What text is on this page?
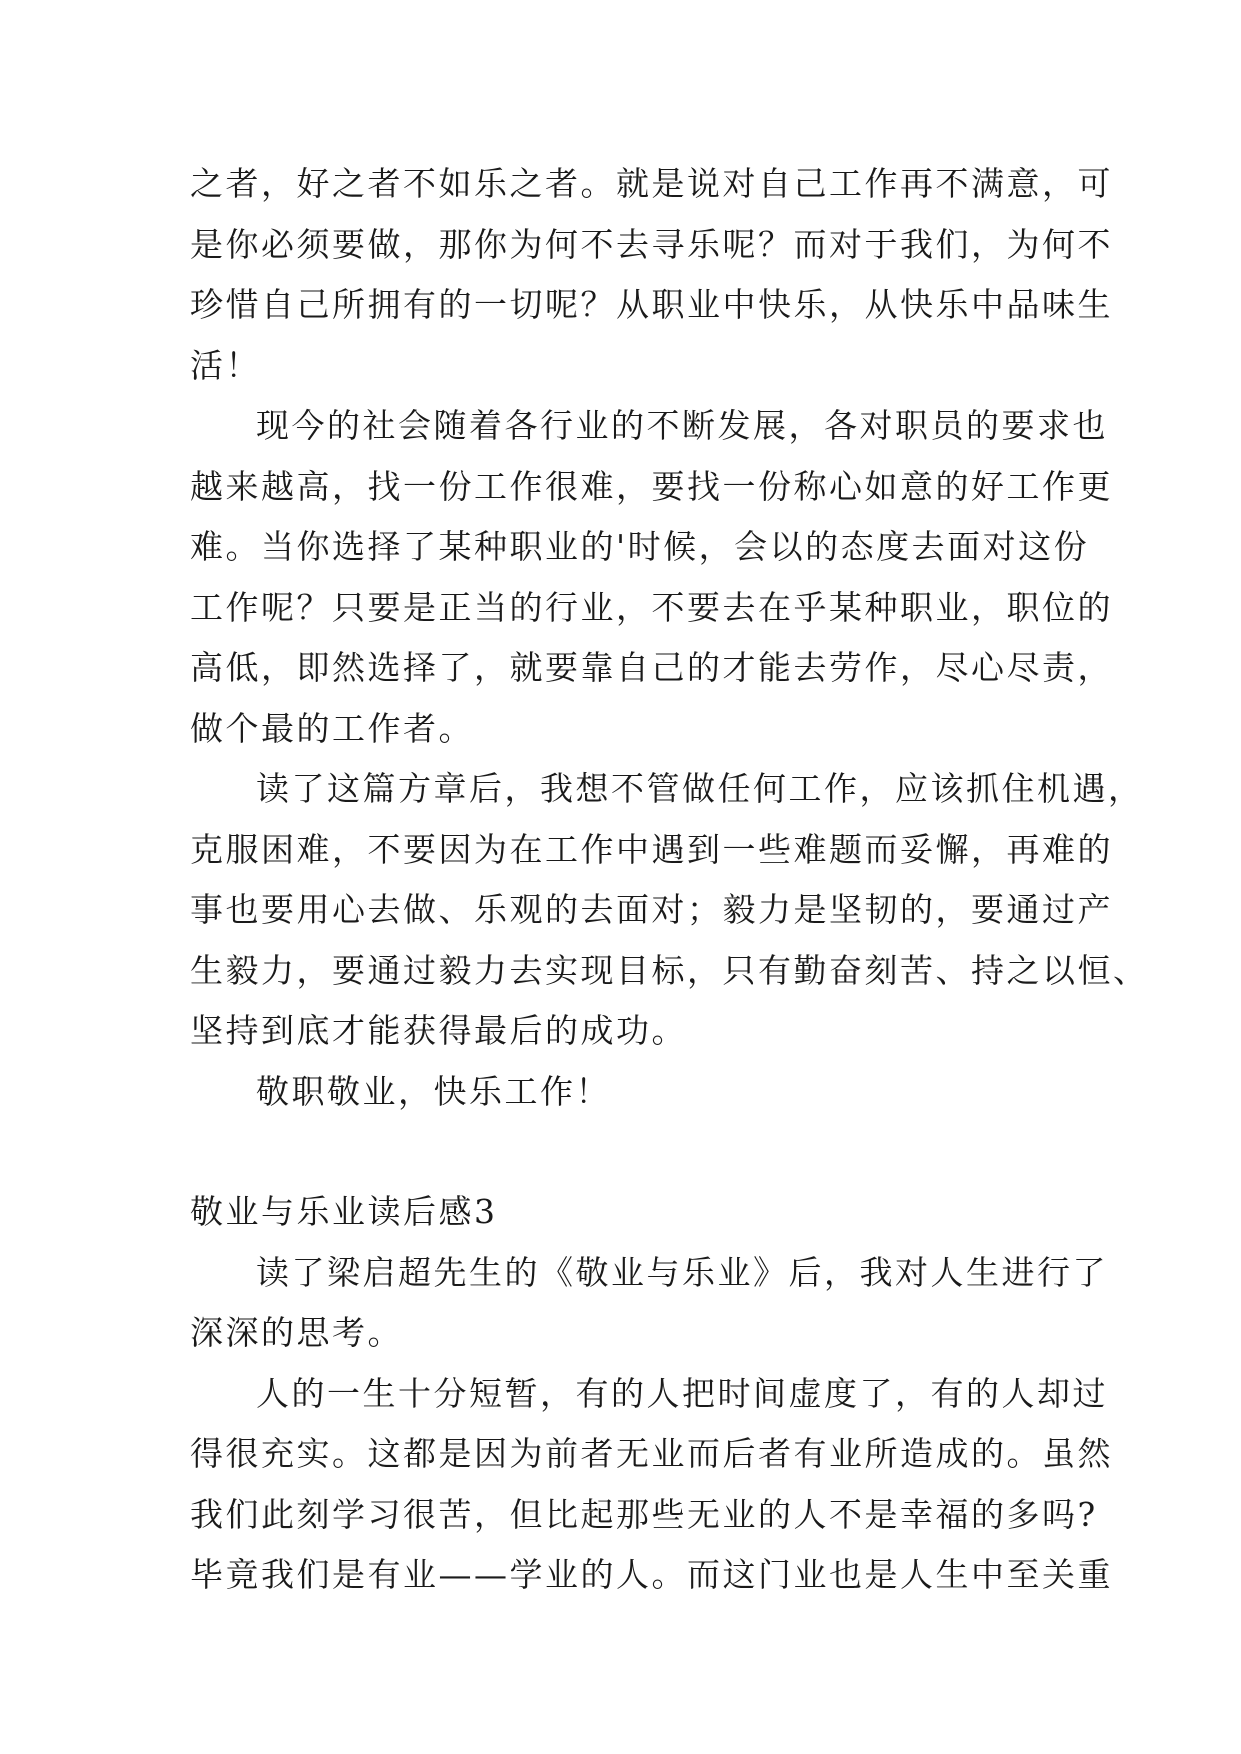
之者，好之者不如乐之者。就是说对自己工作再不满意，可
是你必须要做，那你为何不去寻乐呢？而对于我们，为何不
珍惜自己所拥有的一切呢？从职业中快乐，从快乐中品味生
活！
现今的社会随着各行业的不断发展，各对职员的要求也
越来越高，找一份工作很难，要找一份称心如意的好工作更
难。当你选择了某种职业的'时候，会以的态度去面对这份
工作呢？只要是正当的行业，不要去在乎某种职业，职位的
高低，即然选择了，就要靠自己的才能去劳作，尽心尽责，
做个最的工作者。
读了这篇方章后，我想不管做任何工作，应该抓住机遇，
克服困难，不要因为在工作中遇到一些难题而妥懈，再难的
事也要用心去做、乐观的去面对；毅力是坚韧的，要通过产
生毅力，要通过毅力去实现目标，只有勤奋刻苦、持之以恒、
坚持到底才能获得最后的成功。
敬职敬业，快乐工作！
敬业与乐业读后感3
读了梁启超先生的《敬业与乐业》后，我对人生进行了
深深的思考。
人的一生十分短暂，有的人把时间虚度了，有的人却过
得很充实。这都是因为前者无业而后者有业所造成的。虽然
我们此刻学习很苦，但比起那些无业的人不是幸福的多吗?
毕竟我们是有业——学业的人。而这门业也是人生中至关重
